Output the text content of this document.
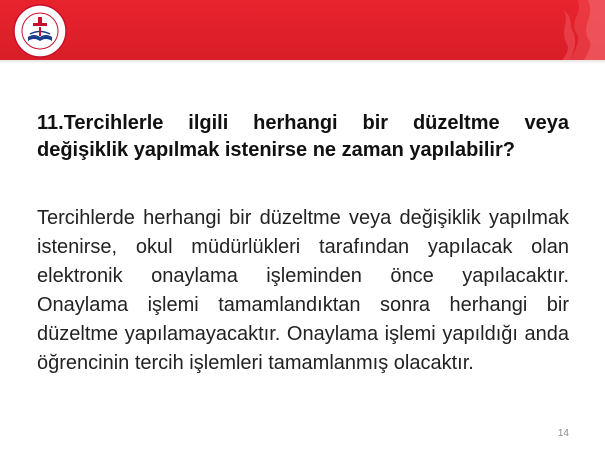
11.Tercihlerle ilgili herhangi bir düzeltme veya değişiklik yapılmak istenirse ne zaman yapılabilir?

Tercihlerde herhangi bir düzeltme veya değişiklik yapılmak istenirse, okul müdürlükleri tarafından yapılacak olan elektronik onaylama işleminden önce yapılacaktır. Onaylama işlemi tamamlandıktan sonra herhangi bir düzeltme yapılamayacaktır. Onaylama işlemi yapıldığı anda öğrencinin tercih işlemleri tamamlanmış olacaktır.

14
